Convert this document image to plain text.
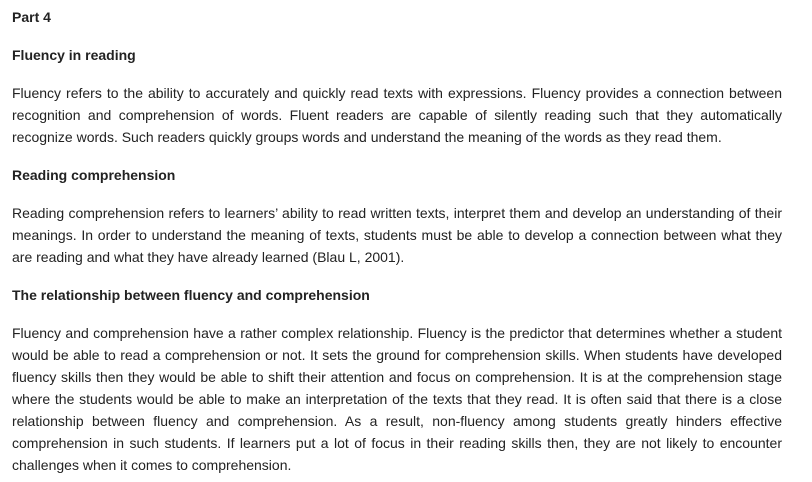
Part 4
Fluency in reading

Fluency refers to the ability to accurately and quickly read texts with expressions. Fluency provides a connection between recognition and comprehension of words. Fluent readers are capable of silently reading such that they automatically recognize words. Such readers quickly groups words and understand the meaning of the words as they read them.

Reading comprehension

Reading comprehension refers to learners’ ability to read written texts, interpret them and develop an understanding of their meanings. In order to understand the meaning of texts, students must be able to develop a connection between what they are reading and what they have already learned (Blau L, 2001).

The relationship between fluency and comprehension

Fluency and comprehension have a rather complex relationship. Fluency is the predictor that determines whether a student would be able to read a comprehension or not. It sets the ground for comprehension skills. When students have developed fluency skills then they would be able to shift their attention and focus on comprehension. It is at the comprehension stage where the students would be able to make an interpretation of the texts that they read. It is often said that there is a close relationship between fluency and comprehension. As a result, non-fluency among students greatly hinders effective comprehension in such students. If learners put a lot of focus in their reading skills then, they are not likely to encounter challenges when it comes to comprehension.
